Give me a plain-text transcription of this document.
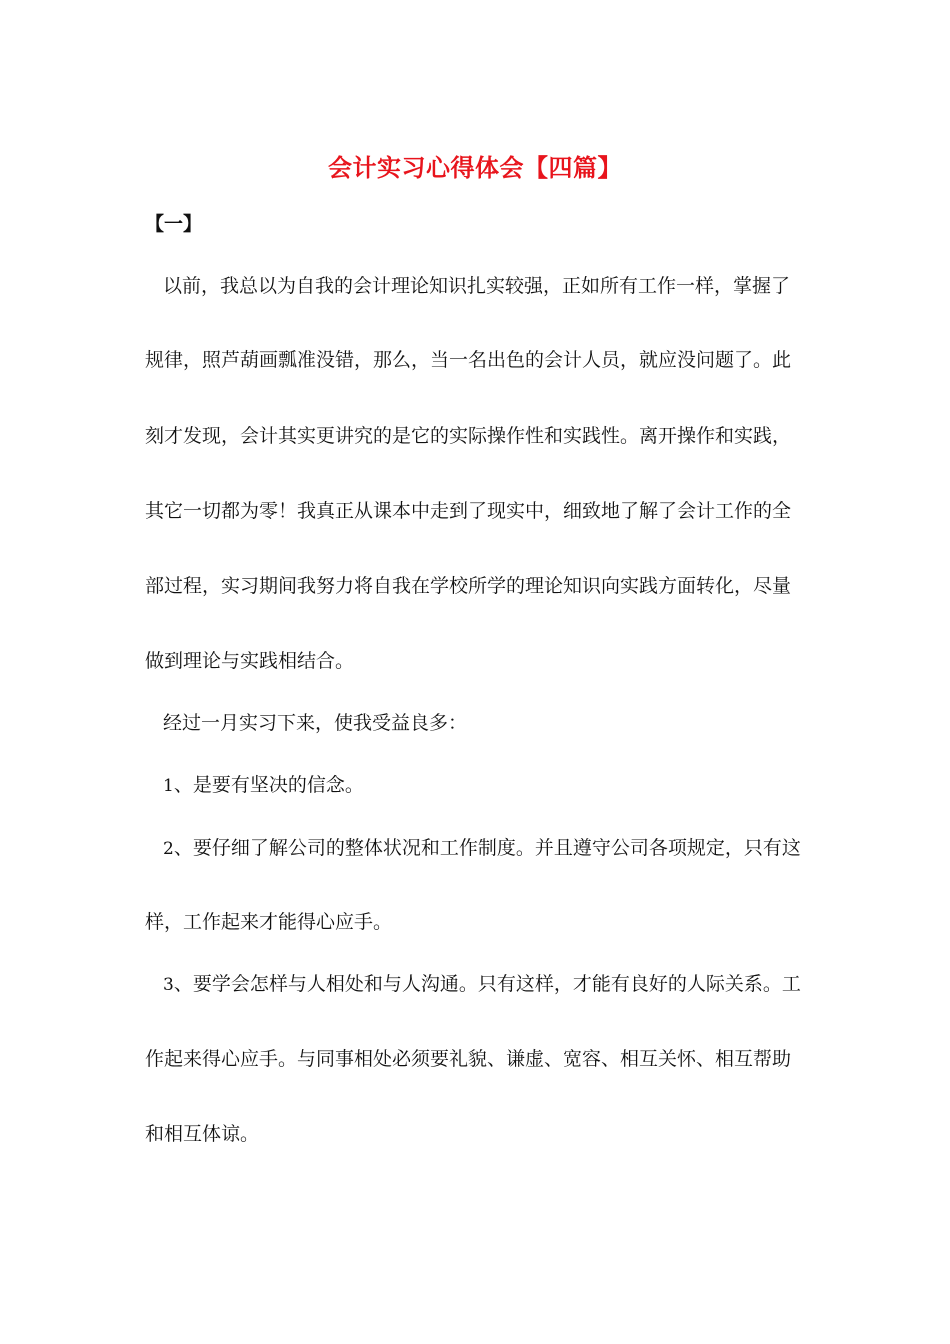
会计实习心得体会【四篇】
【一】
以前，我总以为自我的会计理论知识扎实较强，正如所有工作一样，掌握了
规律，照芦葫画瓢准没错，那么，当一名出色的会计人员，就应没问题了。此
刻才发现，会计其实更讲究的是它的实际操作性和实践性。离开操作和实践，
其它一切都为零！我真正从课本中走到了现实中，细致地了解了会计工作的全
部过程，实习期间我努力将自我在学校所学的理论知识向实践方面转化，尽量
做到理论与实践相结合。
经过一月实习下来，使我受益良多：
1、是要有坚决的信念。
2、要仔细了解公司的整体状况和工作制度。并且遵守公司各项规定，只有这
样，工作起来才能得心应手。
3、要学会怎样与人相处和与人沟通。只有这样，才能有良好的人际关系。工
作起来得心应手。与同事相处必须要礼貌、谦虚、宽容、相互关怀、相互帮助
和相互体谅。
